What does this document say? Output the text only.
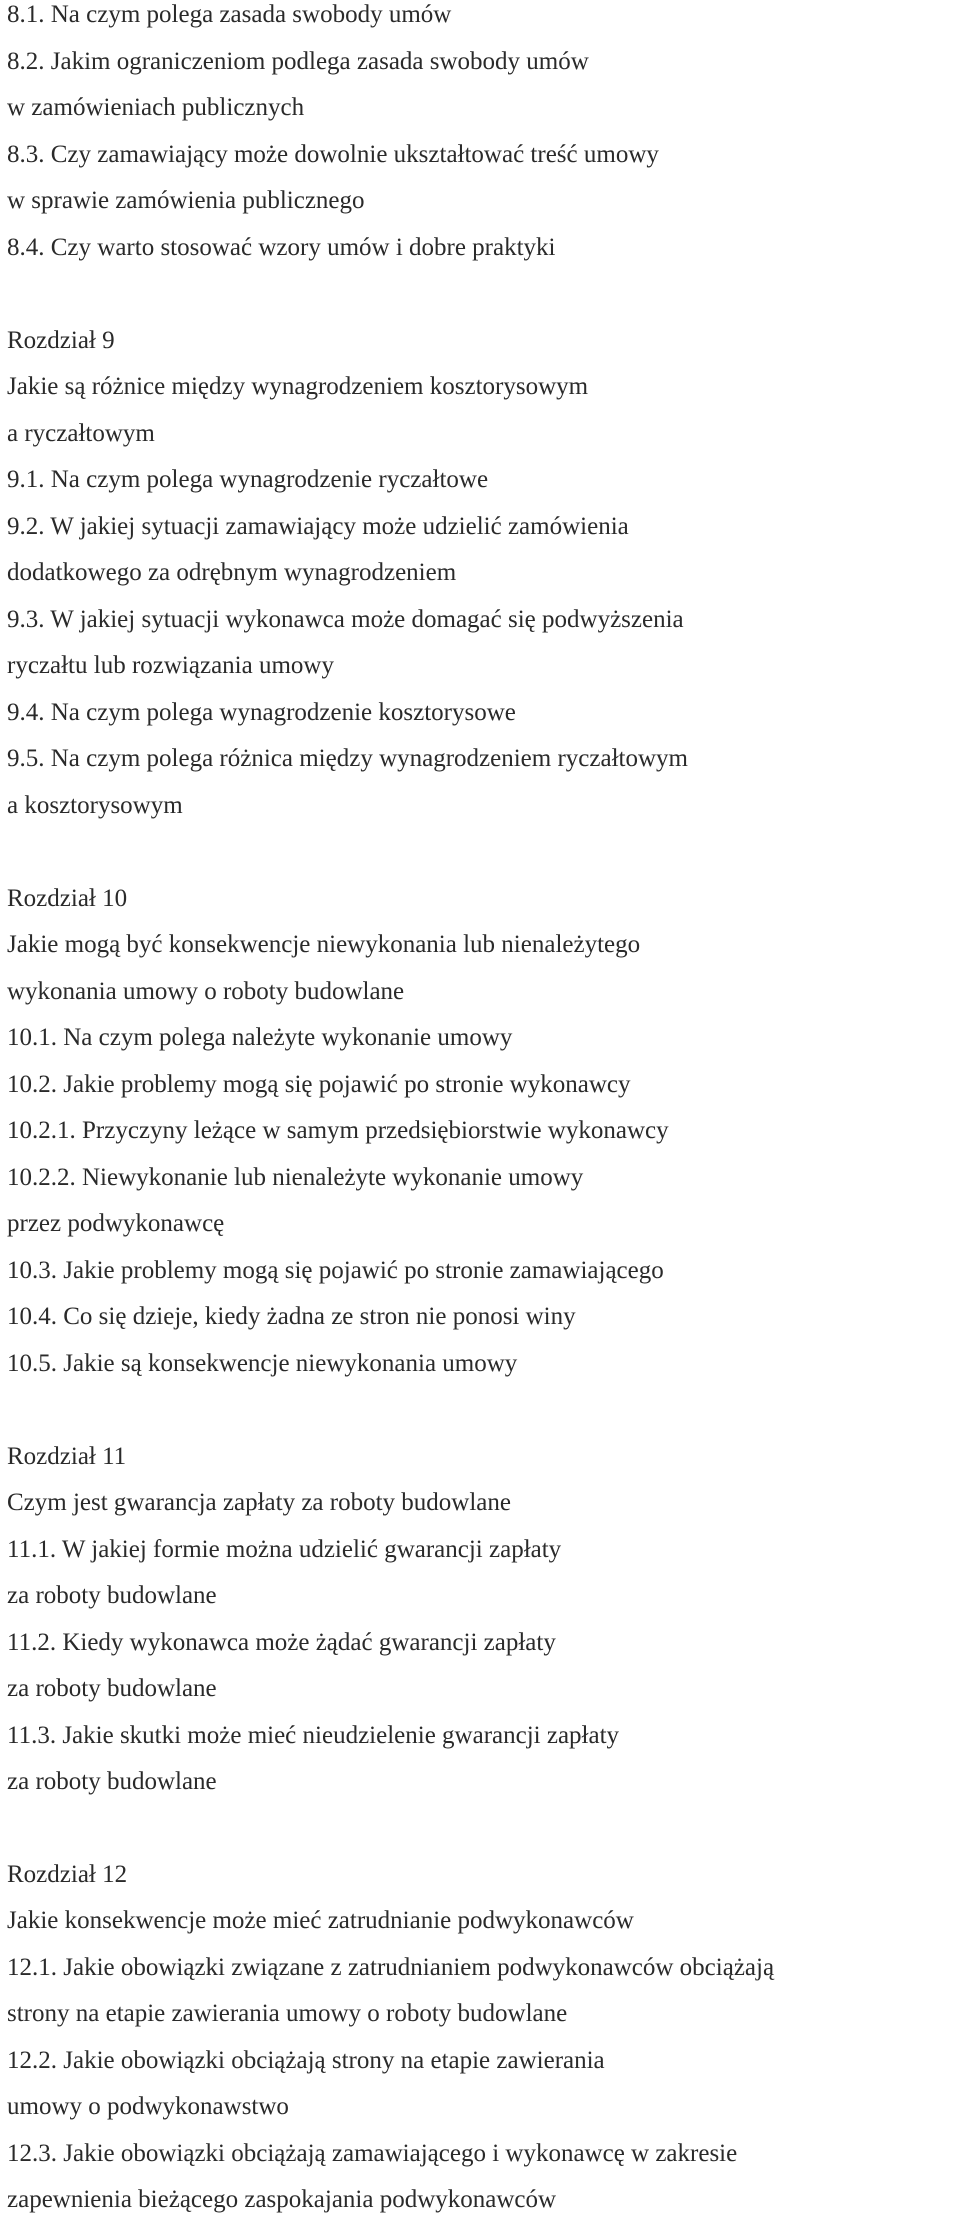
8.1. Na czym polega zasada swobody umów
8.2. Jakim ograniczeniom podlega zasada swobody umów
w zamówieniach publicznych
8.3. Czy zamawiający może dowolnie ukształtować treść umowy
w sprawie zamówienia publicznego
8.4. Czy warto stosować wzory umów i dobre praktyki
Rozdział 9
Jakie są różnice między wynagrodzeniem kosztorysowym
a ryczałtowym
9.1. Na czym polega wynagrodzenie ryczałtowe
9.2. W jakiej sytuacji zamawiający może udzielić zamówienia
dodatkowego za odrębnym wynagrodzeniem
9.3. W jakiej sytuacji wykonawca może domagać się podwyższenia
ryczałtu lub rozwiązania umowy
9.4. Na czym polega wynagrodzenie kosztorysowe
9.5. Na czym polega różnica między wynagrodzeniem ryczałtowym
a kosztorysowym
Rozdział 10
Jakie mogą być konsekwencje niewykonania lub nienależytego
wykonania umowy o roboty budowlane
10.1. Na czym polega należyte wykonanie umowy
10.2. Jakie problemy mogą się pojawić po stronie wykonawcy
10.2.1. Przyczyny leżące w samym przedsiębiorstwie wykonawcy
10.2.2. Niewykonanie lub nienależyte wykonanie umowy
przez podwykonawcę
10.3. Jakie problemy mogą się pojawić po stronie zamawiającego
10.4. Co się dzieje, kiedy żadna ze stron nie ponosi winy
10.5. Jakie są konsekwencje niewykonania umowy
Rozdział 11
Czym jest gwarancja zapłaty za roboty budowlane
11.1. W jakiej formie można udzielić gwarancji zapłaty
za roboty budowlane
11.2. Kiedy wykonawca może żądać gwarancji zapłaty
za roboty budowlane
11.3. Jakie skutki może mieć nieudzielenie gwarancji zapłaty
za roboty budowlane
Rozdział 12
Jakie konsekwencje może mieć zatrudnianie podwykonawców
12.1. Jakie obowiązki związane z zatrudnianiem podwykonawców obciążają
strony na etapie zawierania umowy o roboty budowlane
12.2. Jakie obowiązki obciążają strony na etapie zawierania
umowy o podwykonawstwo
12.3. Jakie obowiązki obciążają zamawiającego i wykonawcę w zakresie
zapewnienia bieżącego zaspokajania podwykonawców
